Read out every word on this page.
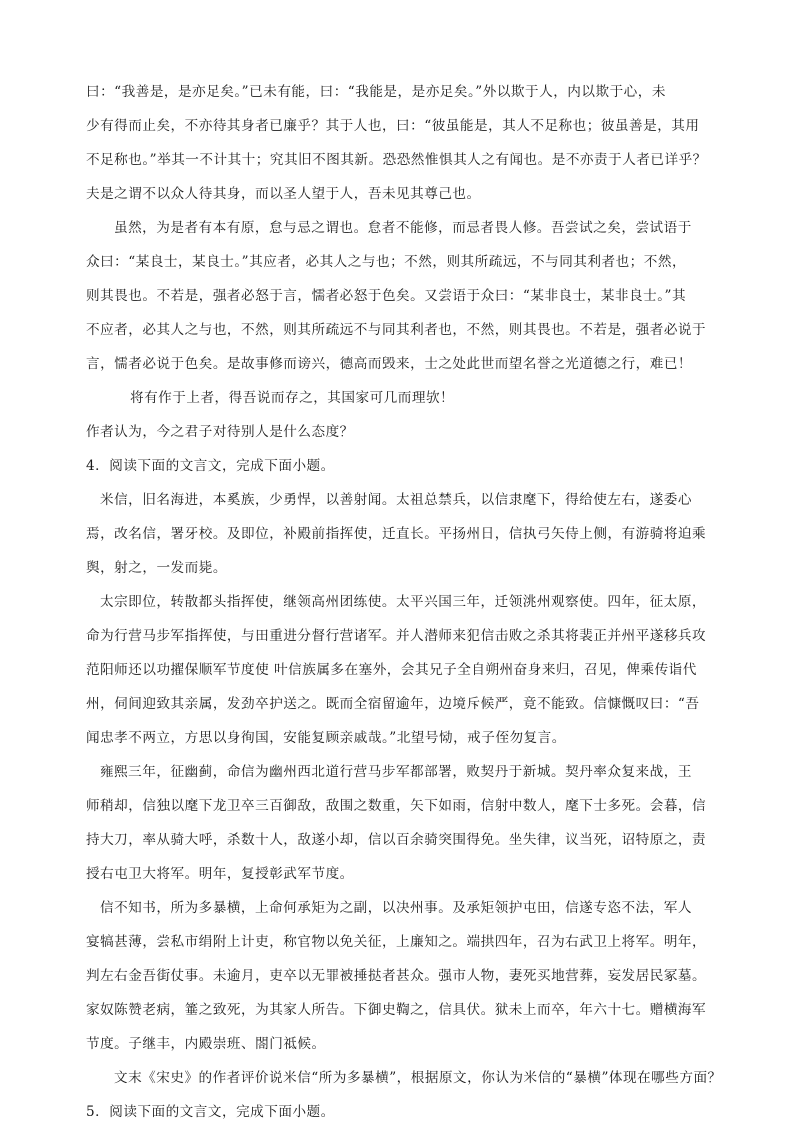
曰：“我善是，是亦足矣。”已未有能，曰：“我能是，是亦足矣。”外以欺于人，内以欺于心，未

少有得而止矣，不亦待其身者已廉乎？其于人也，曰：“彼虽能是，其人不足称也；彼虽善是，其用

不足称也。”举其一不计其十；究其旧不图其新。恐恐然惟惧其人之有闻也。是不亦责于人者已详乎？

夫是之谓不以众人待其身，而以圣人望于人，吾未见其尊己也。

虽然，为是者有本有原，怠与忌之谓也。怠者不能修，而忌者畏人修。吾尝试之矣，尝试语于

众曰：“某良士，某良士。”其应者，必其人之与也；不然，则其所疏远，不与同其利者也；不然，

则其畏也。不若是，强者必怒于言，懦者必怒于色矣。又尝语于众曰：“某非良士，某非良士。”其

不应者，必其人之与也，不然，则其所疏远不与同其利者也，不然，则其畏也。不若是，强者必说于

言，懦者必说于色矣。是故事修而谤兴，德高而毁来，士之处此世而望名誉之光道德之行，难已！

将有作于上者，得吾说而存之，其国家可几而理欤！

作者认为，今之君子对待别人是什么态度？

4．阅读下面的文言文，完成下面小题。

米信，旧名海进，本奚族，少勇悍，以善射闻。太祖总禁兵，以信隶麾下，得给使左右，遂委心

焉，改名信，署牙校。及即位，补殿前指挥使，迁直长。平扬州日，信执弓矢侍上侧，有游骑将迫乘

舆，射之，一发而毙。

太宗即位，转散都头指挥使，继领高州团练使。太平兴国三年，迁领洮州观察使。四年，征太原，

命为行营马步军指挥使，与田重进分督行营诸军。并人潜师来犯信击败之杀其将裴正并州平遂移兵攻

范阳师还以功擢保顺军节度使 叶信族属多在塞外，会其兄子全自朔州奋身来归，召见，俾乘传诣代

州，伺间迎致其亲属，发劲卒护送之。既而全宿留逾年，边境斥候严，竟不能致。信慷慨叹曰：“吾

闻忠孝不两立，方思以身徇国，安能复顾亲戚哉。”北望号恸，戒子侄勿复言。

雍熙三年，征幽蓟，命信为幽州西北道行营马步军都部署，败契丹于新城。契丹率众复来战，王

师稍却，信独以麾下龙卫卒三百御敌，敌围之数重，矢下如雨，信射中数人，麾下士多死。会暮，信

持大刀，率从骑大呼，杀数十人，敌遂小却，信以百余骑突围得免。坐失律，议当死，诏特原之，责

授右屯卫大将军。明年，复授彰武军节度。

信不知书，所为多暴横，上命何承矩为之副，以决州事。及承矩领护屯田，信遂专恣不法，军人

宴犒甚薄，尝私市绢附上计吏，称官物以免关征，上廉知之。端拱四年，召为右武卫上将军。明年，

判左右金吾街仗事。未逾月，吏卒以无罪被捶挞者甚众。强市人物，妻死买地营葬，妄发居民冢墓。

家奴陈赞老病，箠之致死，为其家人所告。下御史鞫之，信具伏。狱未上而卒，年六十七。赠横海军

节度。子继丰，内殿崇班、閤门祗候。

文末《宋史》的作者评价说米信“所为多暴横”，根据原文，你认为米信的“暴横”体现在哪些方面？

5．阅读下面的文言文，完成下面小题。
